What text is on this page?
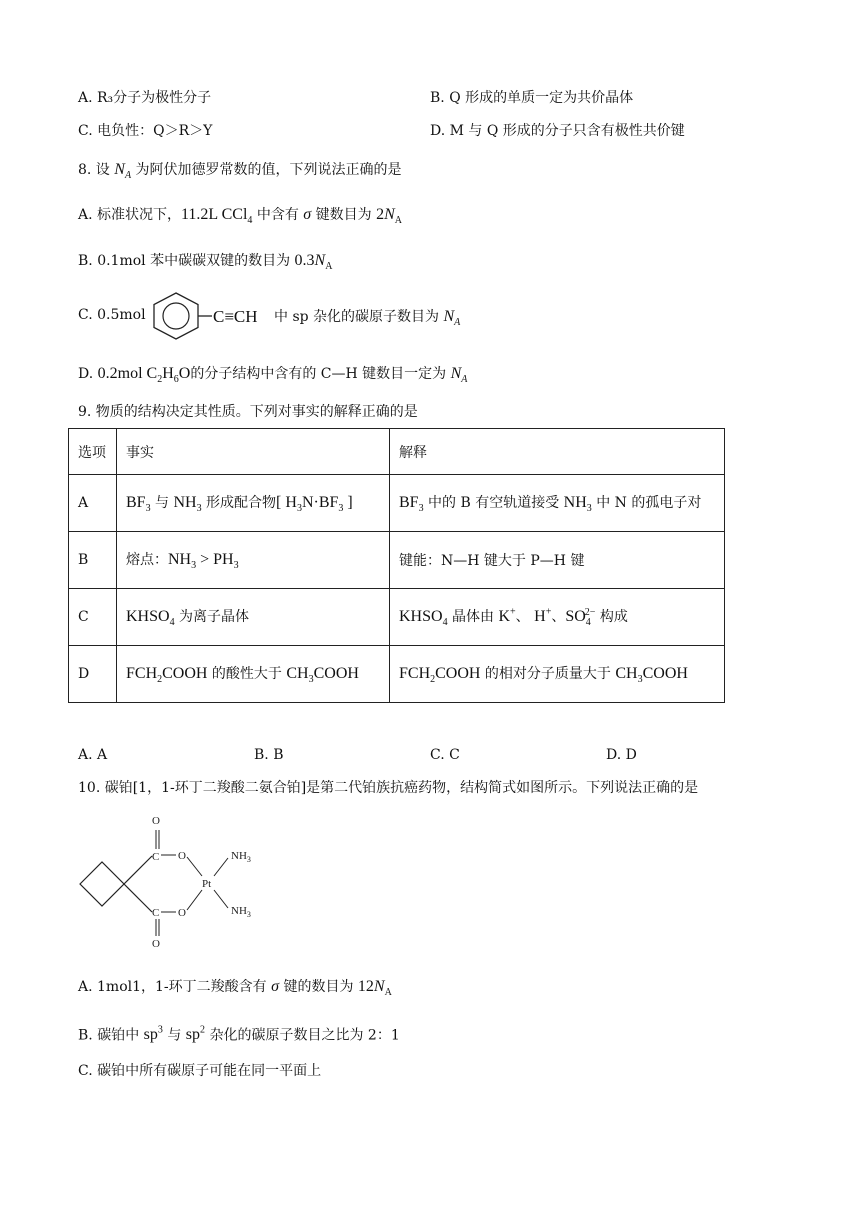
A. R₃分子为极性分子	B. Q 形成的单质一定为共价晶体
C. 电负性：Q＞R＞Y	D. M 与 Q 形成的分子只含有极性共价键
8. 设 $N_A$ 为阿伏加德罗常数的值，下列说法正确的是
A. 标准状况下，11.2L CCl$_4$ 中含有 σ 键数目为 $2N_A$
B. 0.1mol 苯中碳碳双键的数目为 $0.3N_A$
C. 0.5mol	C≡CH 中 sp 杂化的碳原子数目为 $N_A$
D. 0.2mol $C_2H_6O$的分子结构中含有的 C—H 键数目一定为 $N_A$
9. 物质的结构决定其性质。下列对事实的解释正确的是
选项	事实	解释
A	$BF_3$ 与 $NH_3$ 形成配合物[ $H_3N\cdot BF_3$ ]	$BF_3$ 中的 B 有空轨道接受 $NH_3$ 中 N 的孤电子对
B	熔点：$NH_3 > PH_3$	键能：N—H 键大于 P—H 键
C	$KHSO_4$ 为离子晶体	$KHSO_4$ 晶体由 K+、 H+、$SO_4^{2-}$ 构成
D	$FCH_2COOH$ 的酸性大于 $CH_3COOH$	$FCH_2COOH$ 的相对分子质量大于 $CH_3COOH$
A. A	B. B	C. C	D. D
10. 碳铂[1，1-环丁二羧酸二氨合铂]是第二代铂族抗癌药物，结构简式如图所示。下列说法正确的是
C
O
O
C
O
O
Pt
$NH_3$
$NH_3$
A. 1mol1，1-环丁二羧酸含有 σ 键的数目为 $12N_A$
B. 碳铂中 $sp^3$ 与 $sp^2$ 杂化的碳原子数目之比为 2：1
C. 碳铂中所有碳原子可能在同一平面上
